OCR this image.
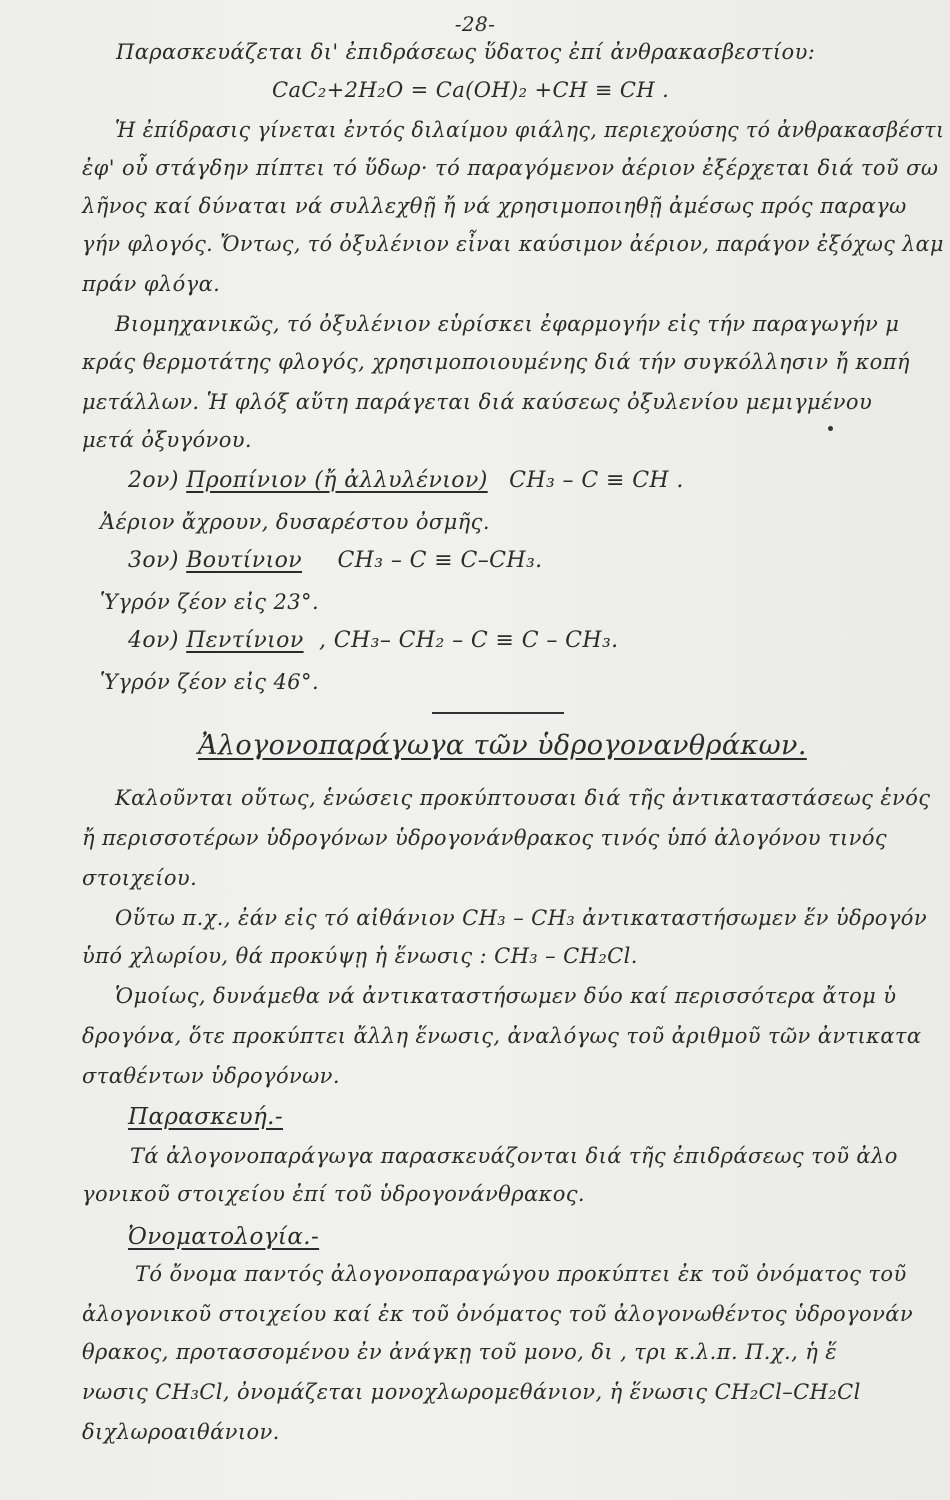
-28-
Παρασκευάζεται δι' ἐπιδράσεως ὕδατος ἐπί ἀνθρακασβεστίου:
CaC₂+2H₂O = Ca(OH)₂ +CH ≡ CH .
Ἡ ἐπίδρασις γίνεται ἐντός διλαίμου φιάλης, περιεχούσης τό ἀνθρακασβέστι
ἐφ' οὗ στάγδην πίπτει τό ὕδωρ· τό παραγόμενον ἀέριον ἐξέρχεται διά τοῦ σω
λῆνος καί δύναται νά συλλεχθῇ ἤ νά χρησιμοποιηθῇ ἀμέσως πρός παραγω
γήν φλογός. Ὄντως, τό ὀξυλένιον εἶναι καύσιμον ἀέριον, παράγον ἐξόχως λαμ
πράν φλόγα.
Βιομηχανικῶς, τό ὀξυλένιον εὑρίσκει ἐφαρμογήν εἰς τήν παραγωγήν μ
κράς θερμοτάτης φλογός, χρησιμοποιουμένης διά τήν συγκόλλησιν ἤ κοπή
μετάλλων. Ἡ φλόξ αὕτη παράγεται διά καύσεως ὀξυλενίου μεμιγμένου
μετά ὀξυγόνου.
2ον) Προπίνιον (ἤ ἀλλυλένιον) CH₃ – C ≡ CH .
Ἀέριον ἄχρουν, δυσαρέστου ὀσμῆς.
3ον) Βουτίνιον CH₃ – C ≡ C–CH₃.
Ὑγρόν ζέον εἰς 23°.
4ον) Πεντίνιον , CH₃– CH₂ – C ≡ C – CH₃.
Ὑγρόν ζέον εἰς 46°.
Ἀλογονοπαράγωγα τῶν ὑδρογονανθράκων.
Καλοῦνται οὕτως, ἑνώσεις προκύπτουσαι διά τῆς ἀντικαταστάσεως ἑνός
ἤ περισσοτέρων ὑδρογόνων ὑδρογονάνθρακος τινός ὑπό ἀλογόνου τινός
στοιχείου.
Οὕτω π.χ., ἐάν εἰς τό αἰθάνιον CH₃ – CH₃ ἀντικαταστήσωμεν ἕν ὑδρογόν
ὑπό χλωρίου, θά προκύψῃ ἡ ἕνωσις : CH₃ – CH₂Cl.
Ὁμοίως, δυνάμεθα νά ἀντικαταστήσωμεν δύο καί περισσότερα ἄτομ ὑ
δρογόνα, ὅτε προκύπτει ἄλλη ἕνωσις, ἀναλόγως τοῦ ἀριθμοῦ τῶν ἀντικατα
σταθέντων ὑδρογόνων.
Παρασκευή.-
Τά ἀλογονοπαράγωγα παρασκευάζονται διά τῆς ἐπιδράσεως τοῦ ἀλο
γονικοῦ στοιχείου ἐπί τοῦ ὑδρογονάνθρακος.
Ὀνοματολογία.-
Τό ὄνομα παντός ἀλογονοπαραγώγου προκύπτει ἐκ τοῦ ὀνόματος τοῦ
ἀλογονικοῦ στοιχείου καί ἐκ τοῦ ὀνόματος τοῦ ἀλογονωθέντος ὑδρογονάν
θρακος, προτασσομένου ἐν ἀνάγκῃ τοῦ μονο, δι , τρι κ.λ.π. Π.χ., ἡ ἕ
νωσις CH₃Cl, ὀνομάζεται μονοχλωρομεθάνιον, ἡ ἕνωσις CH₂Cl–CH₂Cl
διχλωροαιθάνιον.
